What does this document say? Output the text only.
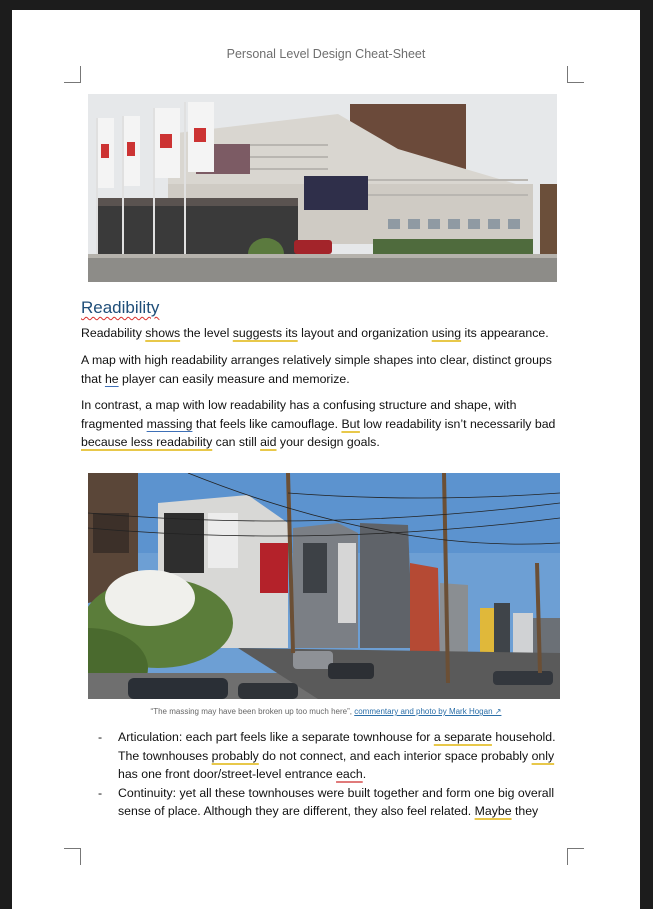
Personal Level Design Cheat-Sheet
Readibility

Readability shows the level suggests its layout and organization using its appearance.

A map with high readability arranges relatively simple shapes into clear, distinct groups that he player can easily measure and memorize.

In contrast, a map with low readability has a confusing structure and shape, with fragmented massing that feels like camouflage. But low readability isn’t necessarily bad because less readability can still aid your design goals.

“The massing may have been broken up too much here”, commentary and photo by Mark Hogan ↗
- Articulation: each part feels like a separate townhouse for a separate household. The townhouses probably do not connect, and each interior space probably only has one front door/street-level entrance each.
- Continuity: yet all these townhouses were built together and form one big overall sense of place. Although they are different, they also feel related. Maybe they
